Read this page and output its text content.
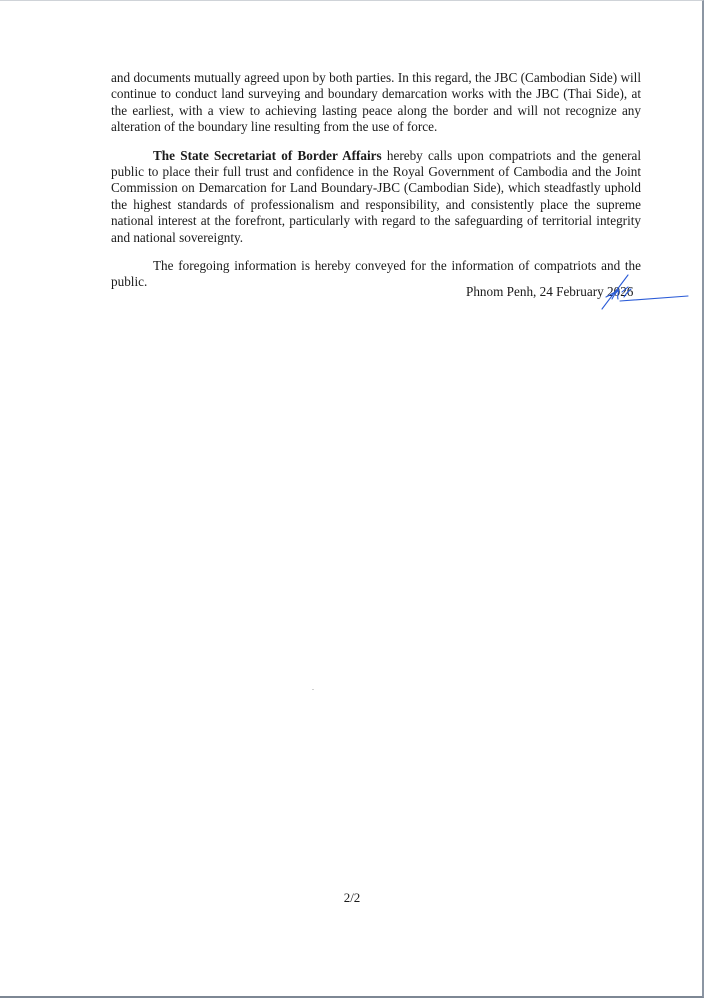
and documents mutually agreed upon by both parties. In this regard, the JBC (Cambodian Side) will continue to conduct land surveying and boundary demarcation works with the JBC (Thai Side), at the earliest, with a view to achieving lasting peace along the border and will not recognize any alteration of the boundary line resulting from the use of force.

The State Secretariat of Border Affairs hereby calls upon compatriots and the general public to place their full trust and confidence in the Royal Government of Cambodia and the Joint Commission on Demarcation for Land Boundary-JBC (Cambodian Side), which steadfastly uphold the highest standards of professionalism and responsibility, and consistently place the supreme national interest at the forefront, particularly with regard to the safeguarding of territorial integrity and national sovereignty.

The foregoing information is hereby conveyed for the information of compatriots and the public.

Phnom Penh, 24 February 2026
2/2
